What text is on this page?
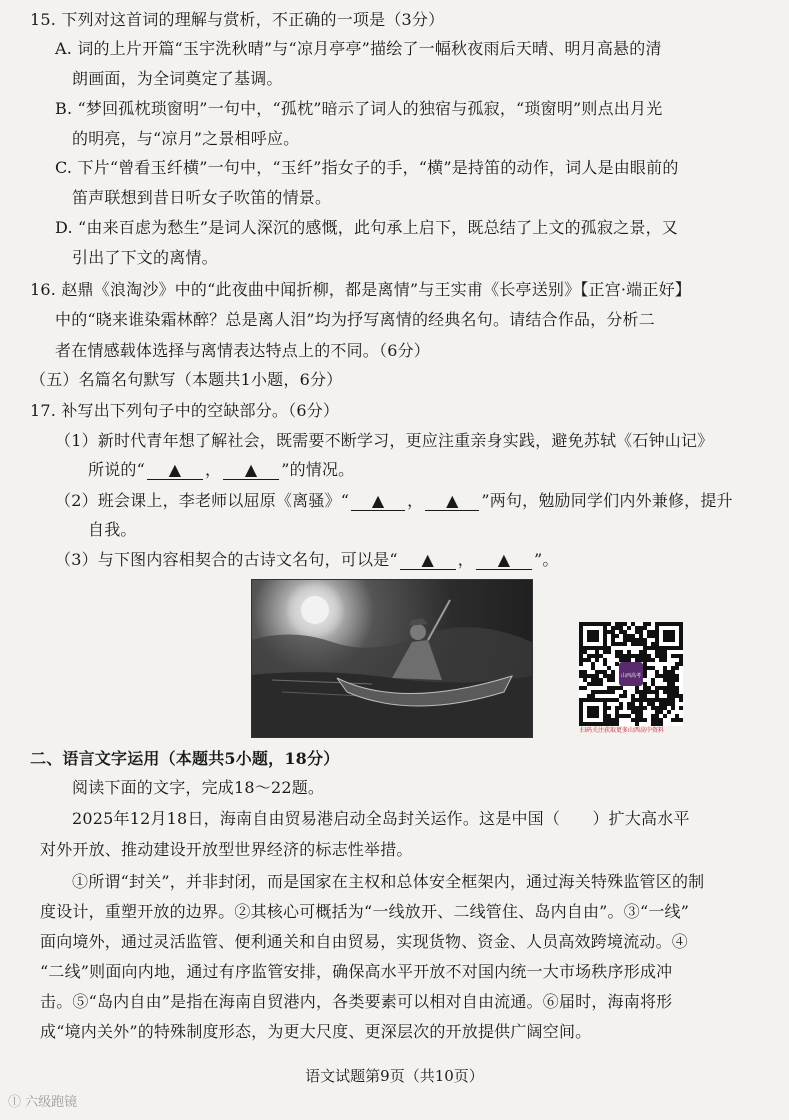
15. 下列对这首词的理解与赏析，不正确的一项是（3分）
A. 词的上片开篇“玉宇洗秋晴”与“凉月亭亭”描绘了一幅秋夜雨后天晴、明月高悬的清
朗画面，为全词奠定了基调。
B. “梦回孤枕琐窗明”一句中，“孤枕”暗示了词人的独宿与孤寂，“琐窗明”则点出月光
的明亮，与“凉月”之景相呼应。
C. 下片“曾看玉纤横”一句中，“玉纤”指女子的手，“横”是持笛的动作，词人是由眼前的
笛声联想到昔日听女子吹笛的情景。
D. “由来百虑为愁生”是词人深沉的感慨，此句承上启下，既总结了上文的孤寂之景，又
引出了下文的离情。
16. 赵鼎《浪淘沙》中的“此夜曲中闻折柳，都是离情”与王实甫《长亭送别》【正宫·端正好】
中的“晓来谁染霜林醉？总是离人泪”均为抒写离情的经典名句。请结合作品，分析二
者在情感载体选择与离情表达特点上的不同。（6分）
（五）名篇名句默写（本题共1小题，6分）
17. 补写出下列句子中的空缺部分。（6分）
（1）新时代青年想了解社会，既需要不断学习，更应注重亲身实践，避免苏轼《石钟山记》
所说的“ ▲ ， ▲ ”的情况。
（2）班会课上，李老师以屈原《离骚》“ ▲ ， ▲ ”两句，勉励同学们内外兼修，提升
自我。
（3）与下图内容相契合的古诗文名句，可以是“ ▲ ， ▲ ”。
山西高考
扫码关注获取更多山西高中资料
二、语言文字运用（本题共5小题，18分）
阅读下面的文字，完成18～22题。
2025年12月18日，海南自由贸易港启动全岛封关运作。这是中国（　　）扩大高水平
对外开放、推动建设开放型世界经济的标志性举措。
①所谓“封关”，并非封闭，而是国家在主权和总体安全框架内，通过海关特殊监管区的制
度设计，重塑开放的边界。②其核心可概括为“一线放开、二线管住、岛内自由”。③“一线”
面向境外，通过灵活监管、便利通关和自由贸易，实现货物、资金、人员高效跨境流动。④
“二线”则面向内地，通过有序监管安排，确保高水平开放不对国内统一大市场秩序形成冲
击。⑤“岛内自由”是指在海南自贸港内，各类要素可以相对自由流通。⑥届时，海南将形
成“境内关外”的特殊制度形态，为更大尺度、更深层次的开放提供广阔空间。
语文试题第9页（共10页）
ⓛ 六级跑镜
